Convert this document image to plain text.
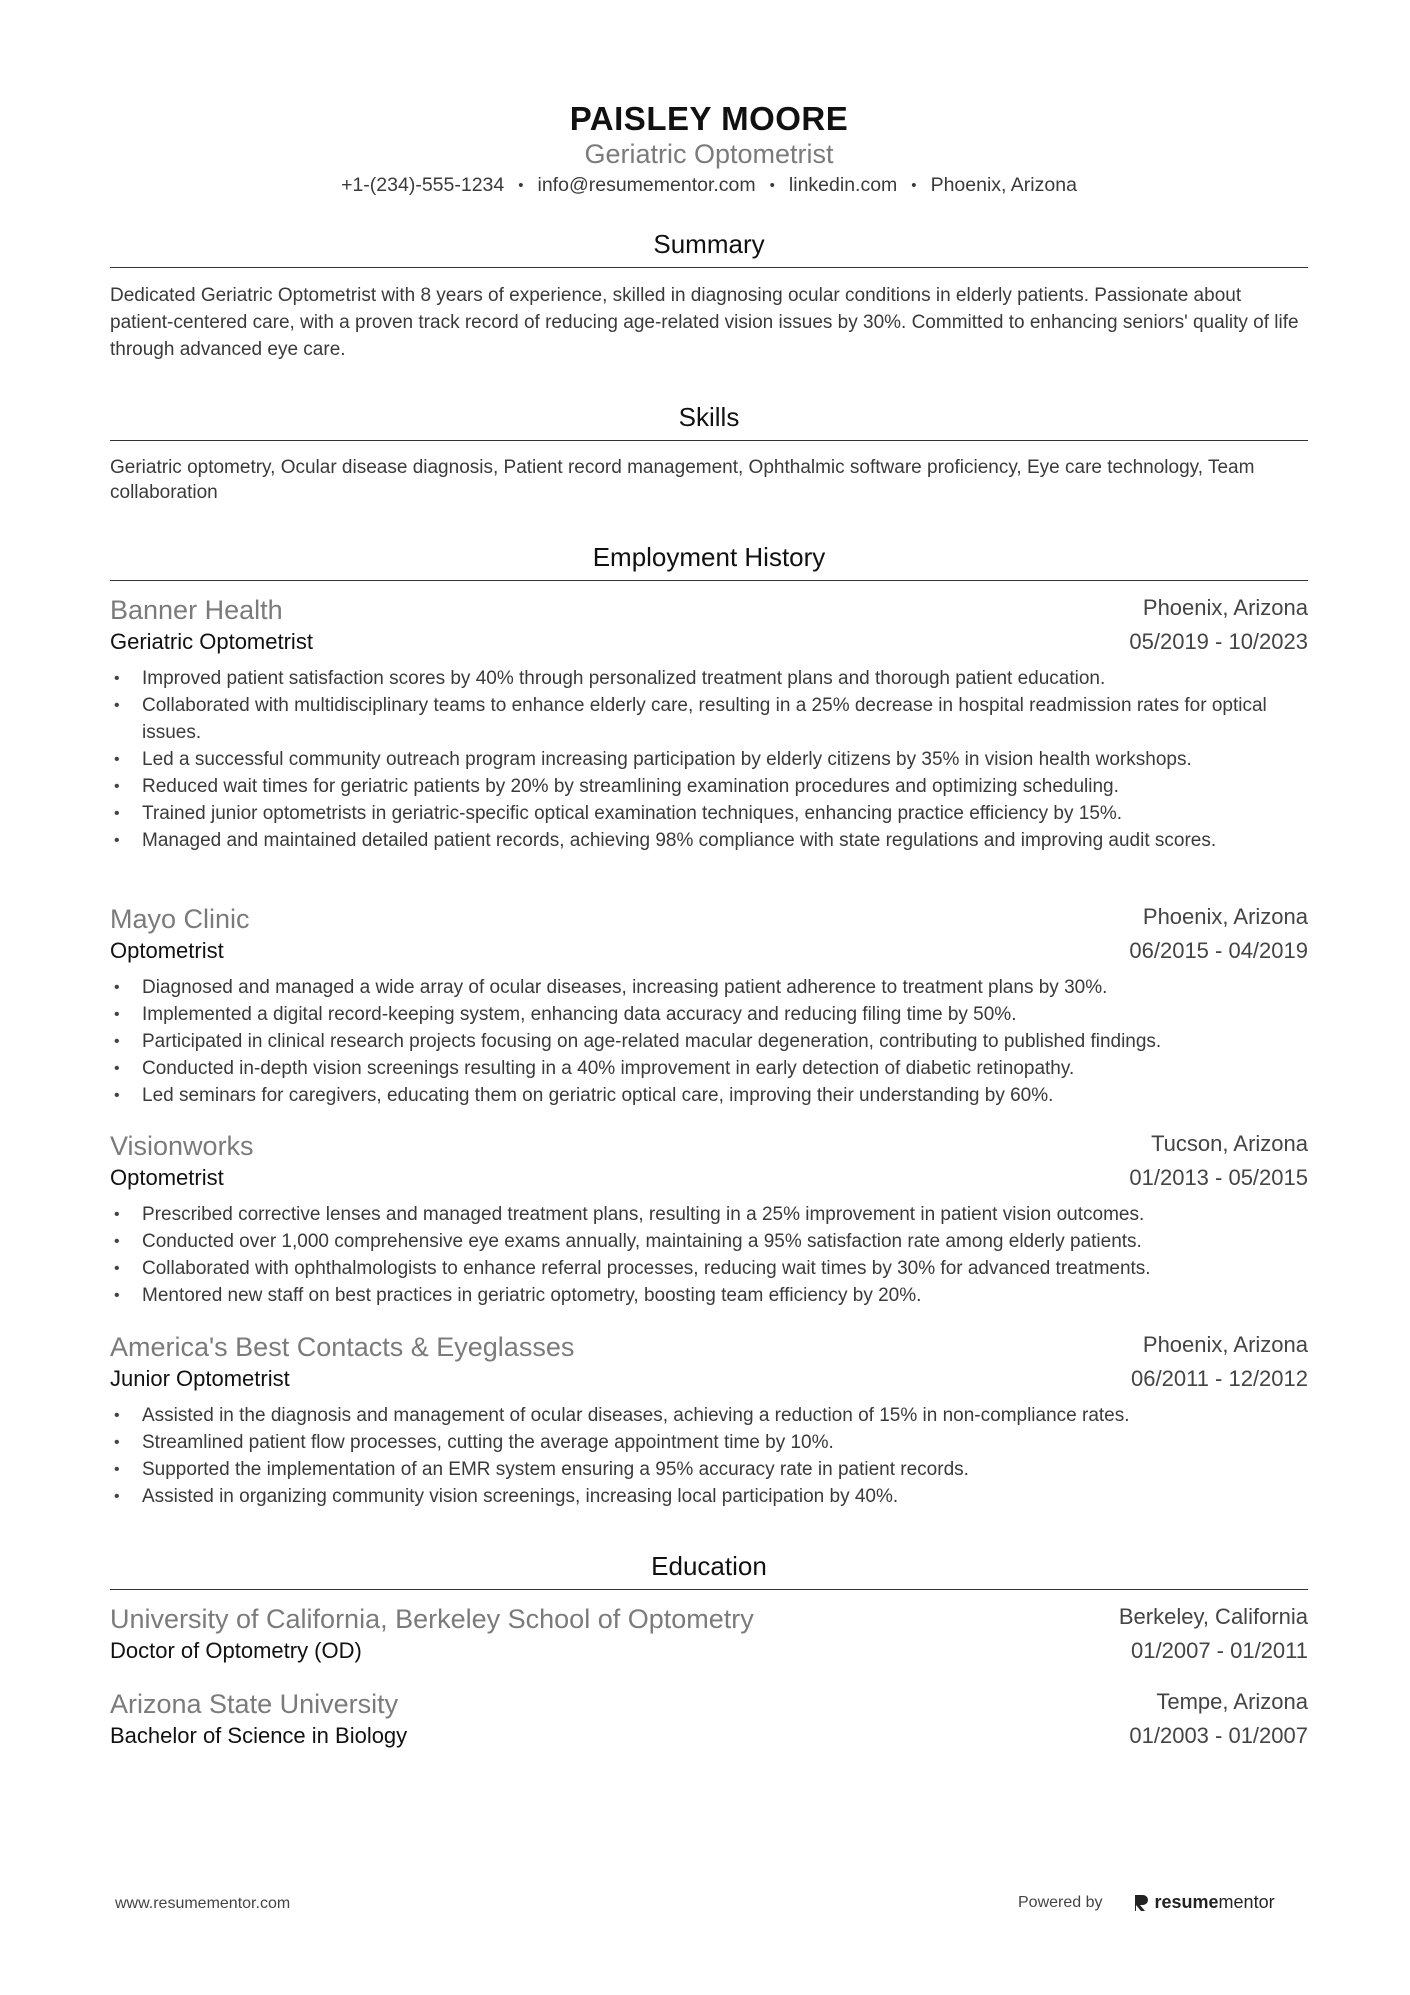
PAISLEY MOORE
Geriatric Optometrist
+1-(234)-555-1234 • info@resumementor.com • linkedin.com • Phoenix, Arizona
Summary
Dedicated Geriatric Optometrist with 8 years of experience, skilled in diagnosing ocular conditions in elderly patients. Passionate about patient-centered care, with a proven track record of reducing age-related vision issues by 30%. Committed to enhancing seniors' quality of life through advanced eye care.
Skills
Geriatric optometry, Ocular disease diagnosis, Patient record management, Ophthalmic software proficiency, Eye care technology, Team collaboration
Employment History
Banner Health	Phoenix, Arizona
Geriatric Optometrist	05/2019 - 10/2023
• Improved patient satisfaction scores by 40% through personalized treatment plans and thorough patient education.
• Collaborated with multidisciplinary teams to enhance elderly care, resulting in a 25% decrease in hospital readmission rates for optical issues.
• Led a successful community outreach program increasing participation by elderly citizens by 35% in vision health workshops.
• Reduced wait times for geriatric patients by 20% by streamlining examination procedures and optimizing scheduling.
• Trained junior optometrists in geriatric-specific optical examination techniques, enhancing practice efficiency by 15%.
• Managed and maintained detailed patient records, achieving 98% compliance with state regulations and improving audit scores.
Mayo Clinic	Phoenix, Arizona
Optometrist	06/2015 - 04/2019
• Diagnosed and managed a wide array of ocular diseases, increasing patient adherence to treatment plans by 30%.
• Implemented a digital record-keeping system, enhancing data accuracy and reducing filing time by 50%.
• Participated in clinical research projects focusing on age-related macular degeneration, contributing to published findings.
• Conducted in-depth vision screenings resulting in a 40% improvement in early detection of diabetic retinopathy.
• Led seminars for caregivers, educating them on geriatric optical care, improving their understanding by 60%.
Visionworks	Tucson, Arizona
Optometrist	01/2013 - 05/2015
• Prescribed corrective lenses and managed treatment plans, resulting in a 25% improvement in patient vision outcomes.
• Conducted over 1,000 comprehensive eye exams annually, maintaining a 95% satisfaction rate among elderly patients.
• Collaborated with ophthalmologists to enhance referral processes, reducing wait times by 30% for advanced treatments.
• Mentored new staff on best practices in geriatric optometry, boosting team efficiency by 20%.
America's Best Contacts & Eyeglasses	Phoenix, Arizona
Junior Optometrist	06/2011 - 12/2012
• Assisted in the diagnosis and management of ocular diseases, achieving a reduction of 15% in non-compliance rates.
• Streamlined patient flow processes, cutting the average appointment time by 10%.
• Supported the implementation of an EMR system ensuring a 95% accuracy rate in patient records.
• Assisted in organizing community vision screenings, increasing local participation by 40%.
Education
University of California, Berkeley School of Optometry	Berkeley, California
Doctor of Optometry (OD)	01/2007 - 01/2011
Arizona State University	Tempe, Arizona
Bachelor of Science in Biology	01/2003 - 01/2007
www.resumementor.com	Powered by	resume mentor
